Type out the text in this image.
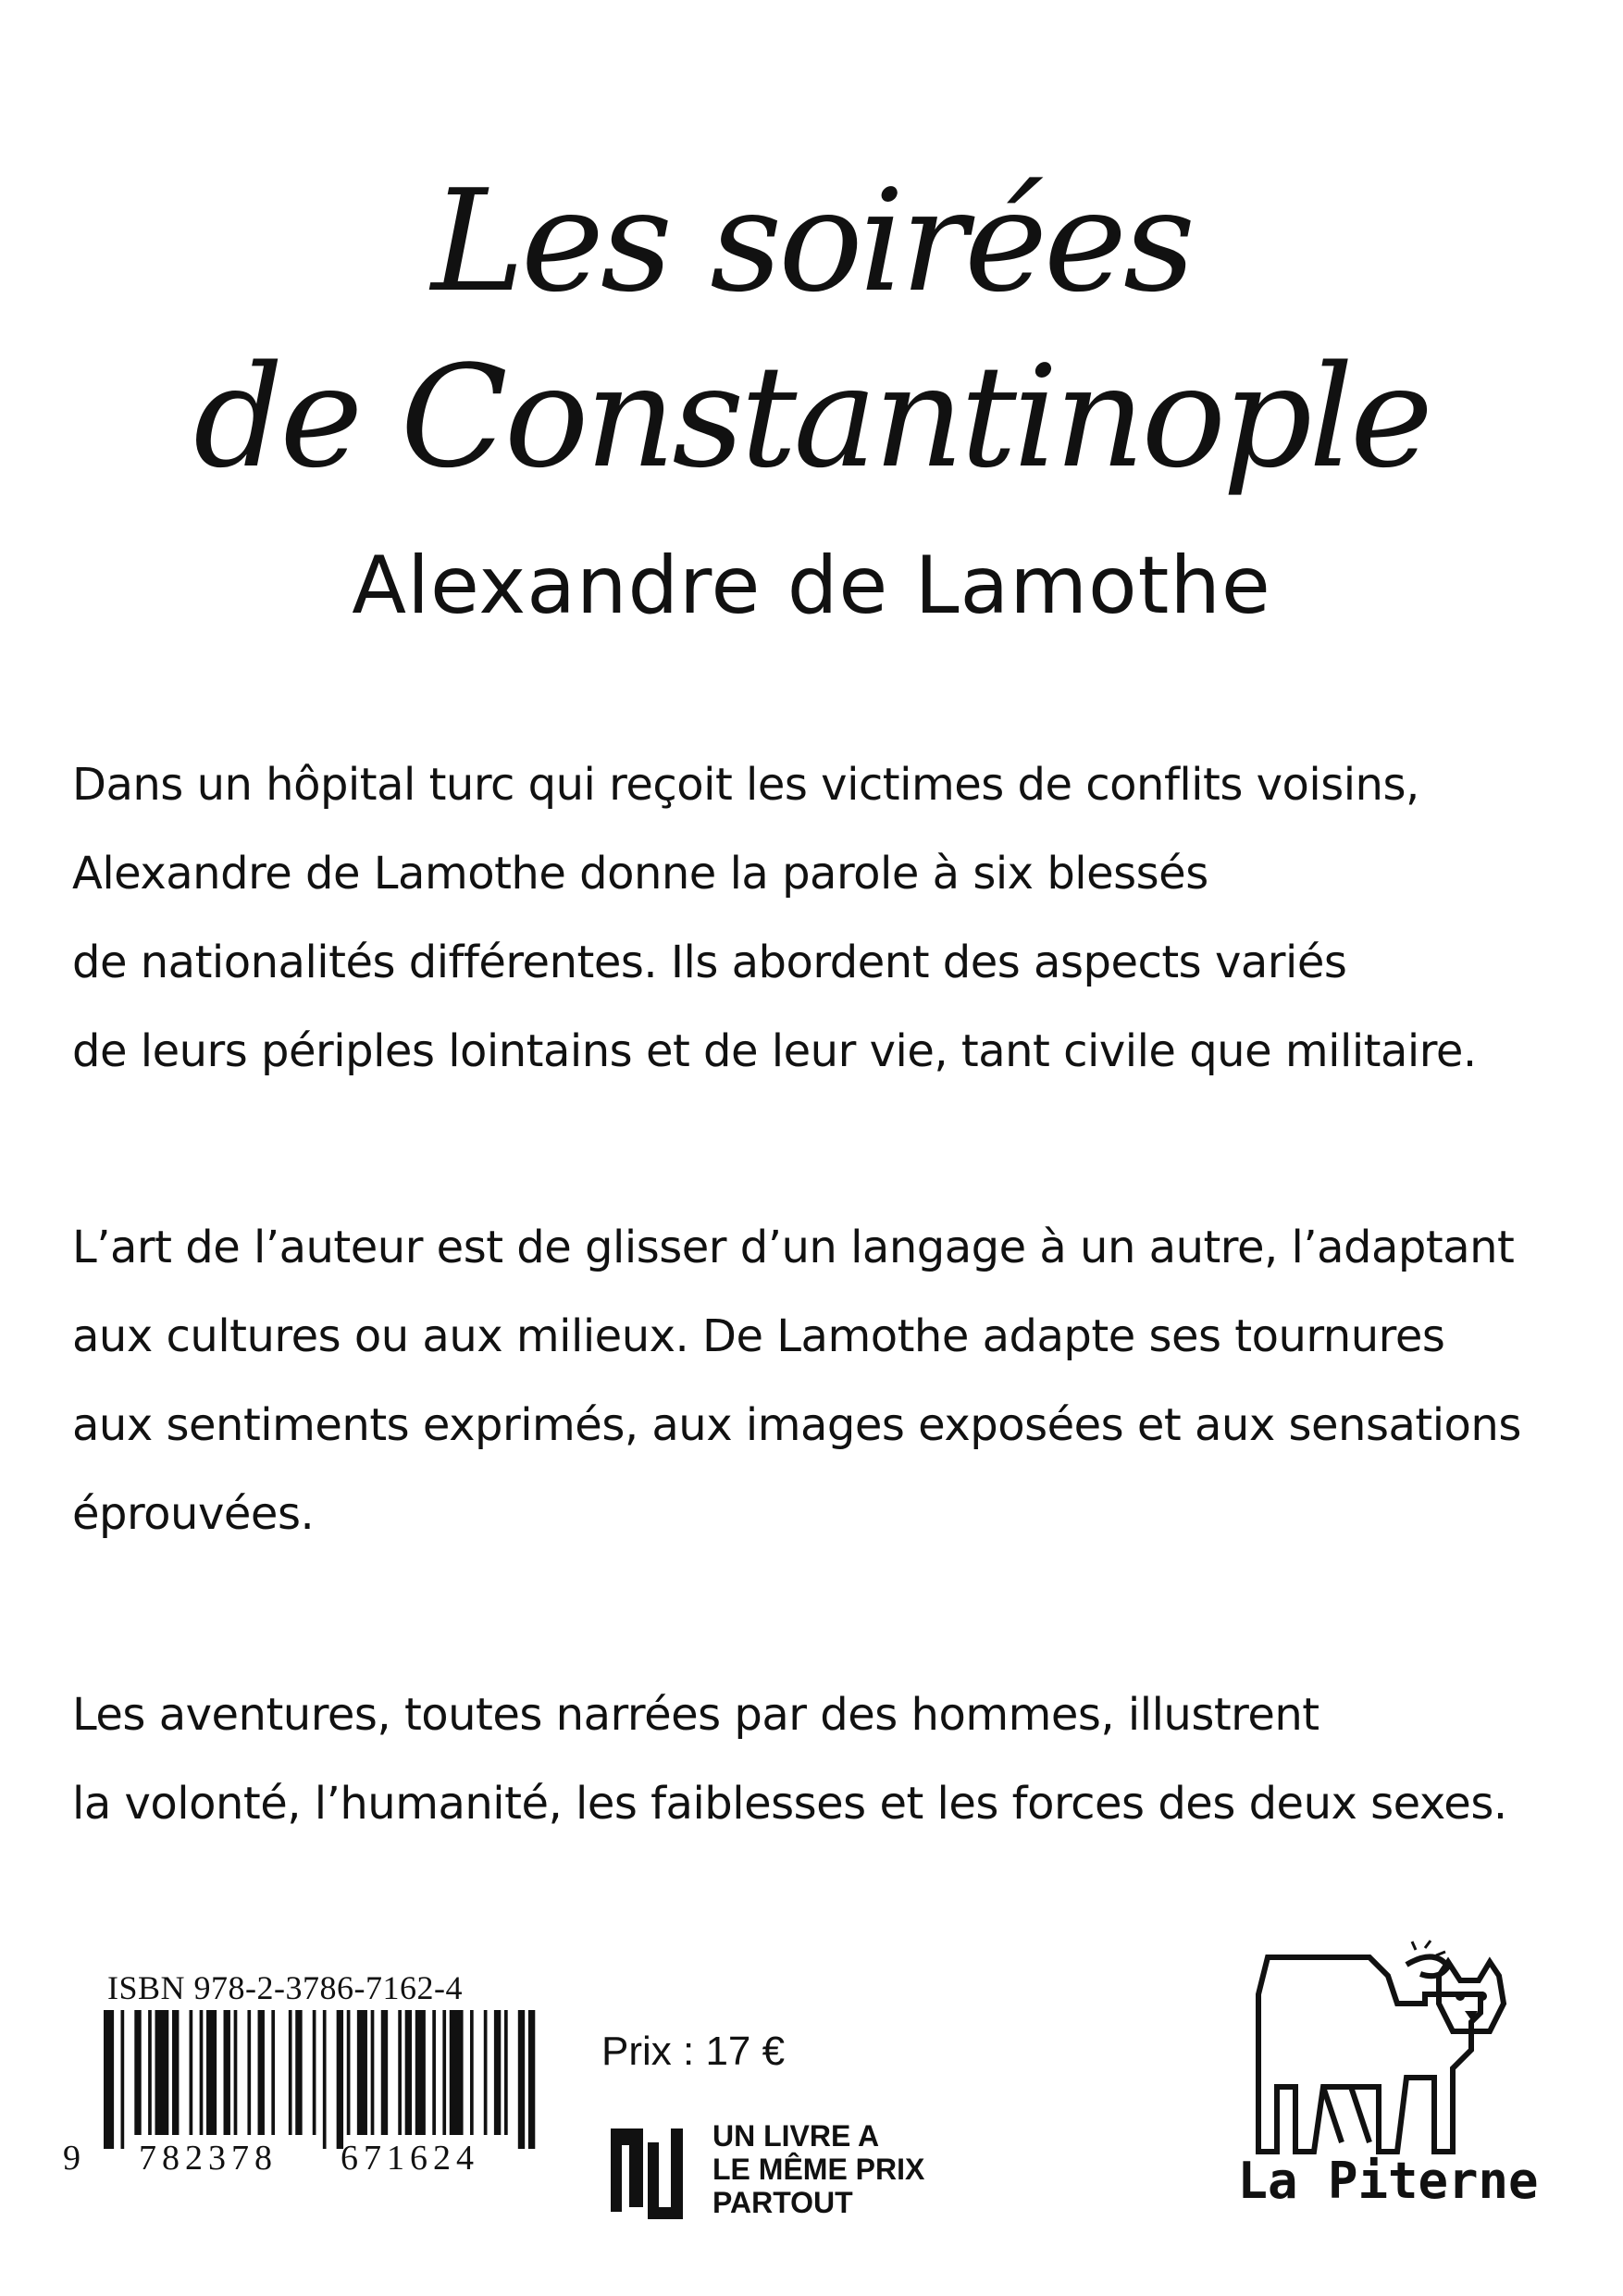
Les soirées
de Constantinople
Alexandre de Lamothe
Dans un hôpital turc qui reçoit les victimes de conflits voisins,
Alexandre de Lamothe donne la parole à six blessés
de nationalités différentes. Ils abordent des aspects variés
de leurs périples lointains et de leur vie, tant civile que militaire.
L’art de l’auteur est de glisser d’un langage à un autre, l’adaptant
aux cultures ou aux milieux. De Lamothe adapte ses tournures
aux sentiments exprimés, aux images exposées et aux sensations
éprouvées.
Les aventures, toutes narrées par des hommes, illustrent
la volonté, l’humanité, les faiblesses et les forces des deux sexes.
ISBN 978-2-3786-7162-4
9 782378 671624
Prix : 17 €
UN LIVRE A
LE MÊME PRIX
PARTOUT	La Piterne
